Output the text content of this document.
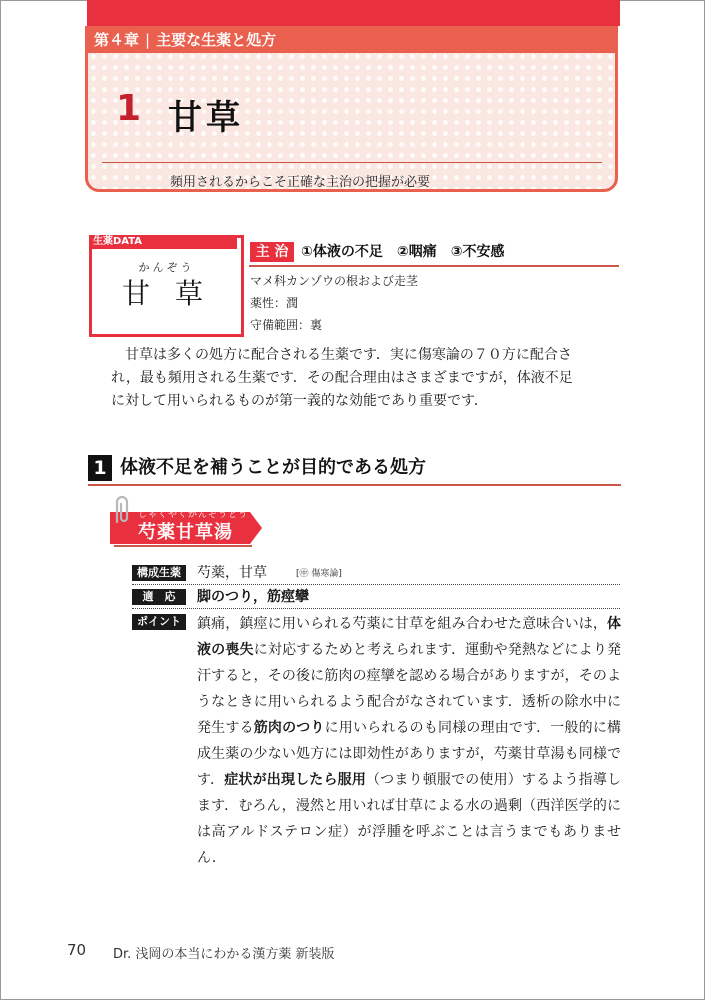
第４章 | 主要な生薬と処方
1 甘草
頻用されるからこそ正確な主治の把握が必要
生薬DATA
かんぞう
甘 草
主 治 ①体液の不足　②咽痛　③不安感
マメ科カンゾウの根および走茎
薬性：潤
守備範囲：裏
　甘草は多くの処方に配合される生薬です．実に傷寒論の７０方に配合さ
れ，最も頻用される生薬です．その配合理由はさまざまですが，体液不足
に対して用いられるものが第一義的な効能であり重要です．
1 体液不足を補うことが目的である処方
しゃくやくかんぞうとう
芍薬甘草湯
構成生薬	芍薬，甘草	[㊥ 傷寒論]
適　応	脚のつり，筋痙攣
ポイント	鎮痛，鎮痙に用いられる芍薬に甘草を組み合わせた意味合いは，体液の喪失に対応するためと考えられます．運動や発熱などにより発汗すると，その後に筋肉の痙攣を認める場合がありますが，そのようなときに用いられるよう配合がなされています．透析の除水中に発生する筋肉のつりに用いられるのも同様の理由です．一般的に構成生薬の少ない処方には即効性がありますが，芍薬甘草湯も同様です．症状が出現したら服用（つまり頓服での使用）するよう指導します．むろん，漫然と用いれば甘草による水の過剰（西洋医学的には高アルドステロン症）が浮腫を呼ぶことは言うまでもありません．
70 Dr. 浅岡の本当にわかる漢方薬 新装版
